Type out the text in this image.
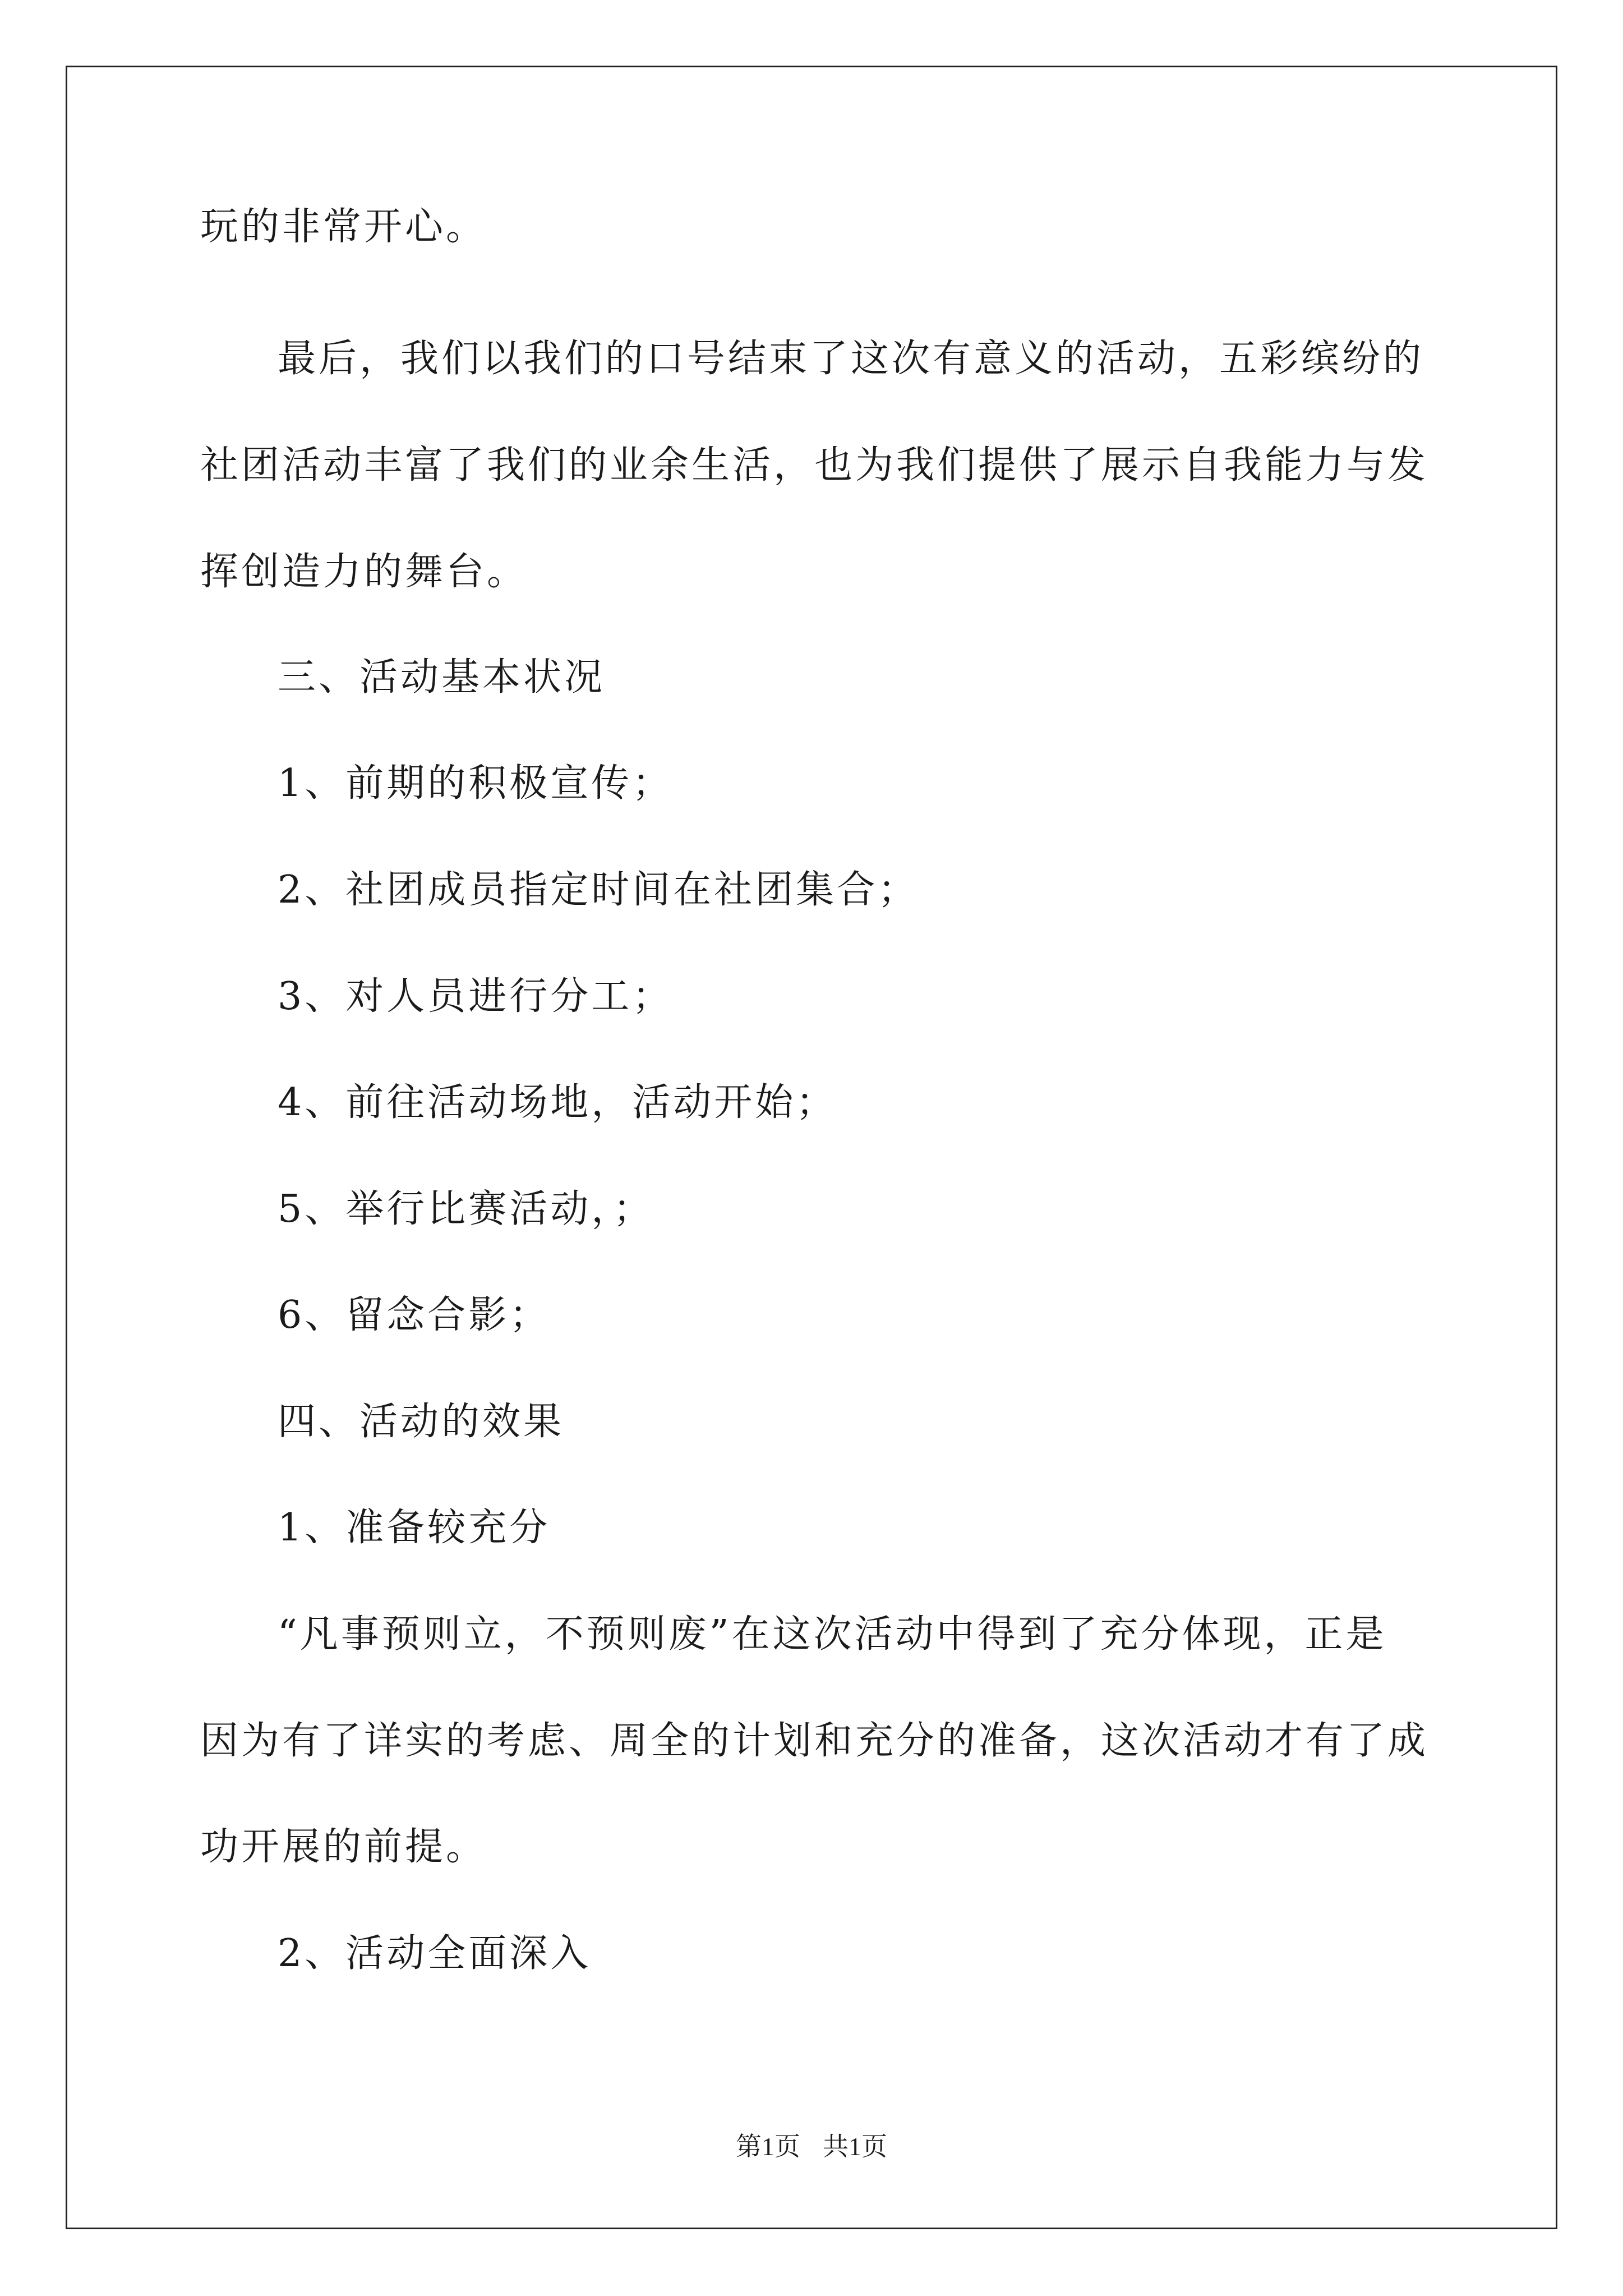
玩的非常开心。
最后，我们以我们的口号结束了这次有意义的活动，五彩缤纷的
社团活动丰富了我们的业余生活，也为我们提供了展示自我能力与发
挥创造力的舞台。
三、活动基本状况
1、前期的积极宣传；
2、社团成员指定时间在社团集合；
3、对人员进行分工；
4、前往活动场地，活动开始；
5、举行比赛活动，；
6、留念合影；
四、活动的效果
1、准备较充分
“凡事预则立，不预则废”在这次活动中得到了充分体现，正是
因为有了详实的考虑、周全的计划和充分的准备，这次活动才有了成
功开展的前提。
2、活动全面深入
第1页 共1页
